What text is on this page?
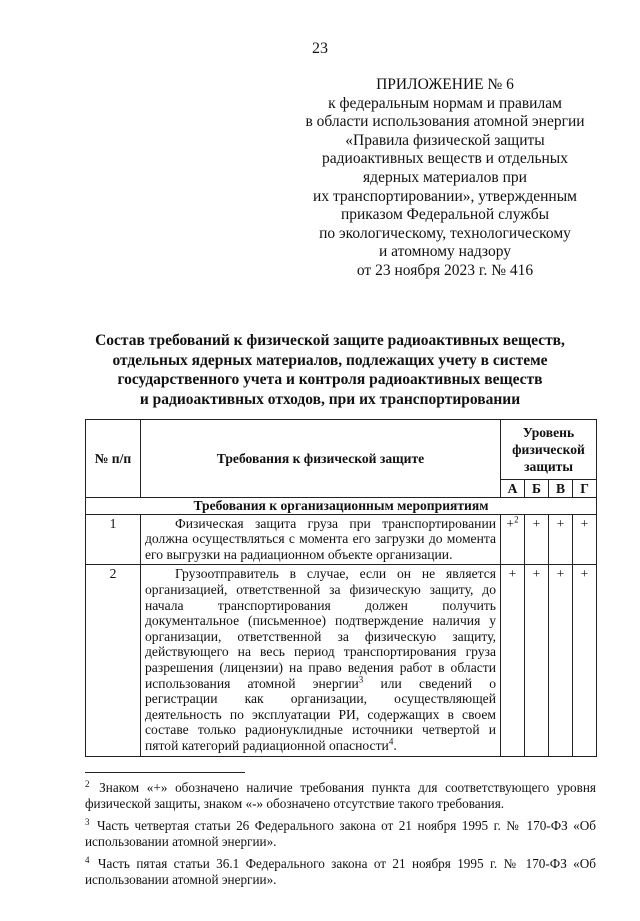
23
ПРИЛОЖЕНИЕ № 6
к федеральным нормам и правилам
в области использования атомной энергии
«Правила физической защиты
радиоактивных веществ и отдельных
ядерных материалов при
их транспортировании», утвержденным
приказом Федеральной службы
по экологическому, технологическому
и атомному надзору
от 23 ноября 2023 г. № 416
Состав требований к физической защите радиоактивных веществ,
отдельных ядерных материалов, подлежащих учету в системе
государственного учета и контроля радиоактивных веществ
и радиоактивных отходов, при их транспортировании
№ п/п	Требования к физической защите	Уровень физической защиты			
		А	Б	В	Г
Требования к организационным мероприятиям					
1	Физическая защита груза при транспортировании должна осуществляться с момента его загрузки до момента его выгрузки на радиационном объекте организации.	+$^2$	+	+	+
2	Грузоотправитель в случае, если он не является организацией, ответственной за физическую защиту, до начала транспортирования должен получить документальное (письменное) подтверждение наличия у организации, ответственной за физическую защиту, действующего на весь период транспортирования груза разрешения (лицензии) на право ведения работ в области использования атомной энергии$^3$ или сведений о регистрации как организации, осуществляющей деятельность по эксплуатации РИ, содержащих в своем составе только радионуклидные источники четвертой и пятой категорий радиационной опасности$^4$.	+	+	+	+

$^2$ Знаком «+» обозначено наличие требования пункта для соответствующего уровня физической защиты, знаком «-» обозначено отсутствие такого требования.

$^3$ Часть четвертая статьи 26 Федерального закона от 21 ноября 1995 г. № 170-ФЗ «Об использовании атомной энергии».

$^4$ Часть пятая статьи 36.1 Федерального закона от 21 ноября 1995 г. № 170-ФЗ «Об использовании атомной энергии».
